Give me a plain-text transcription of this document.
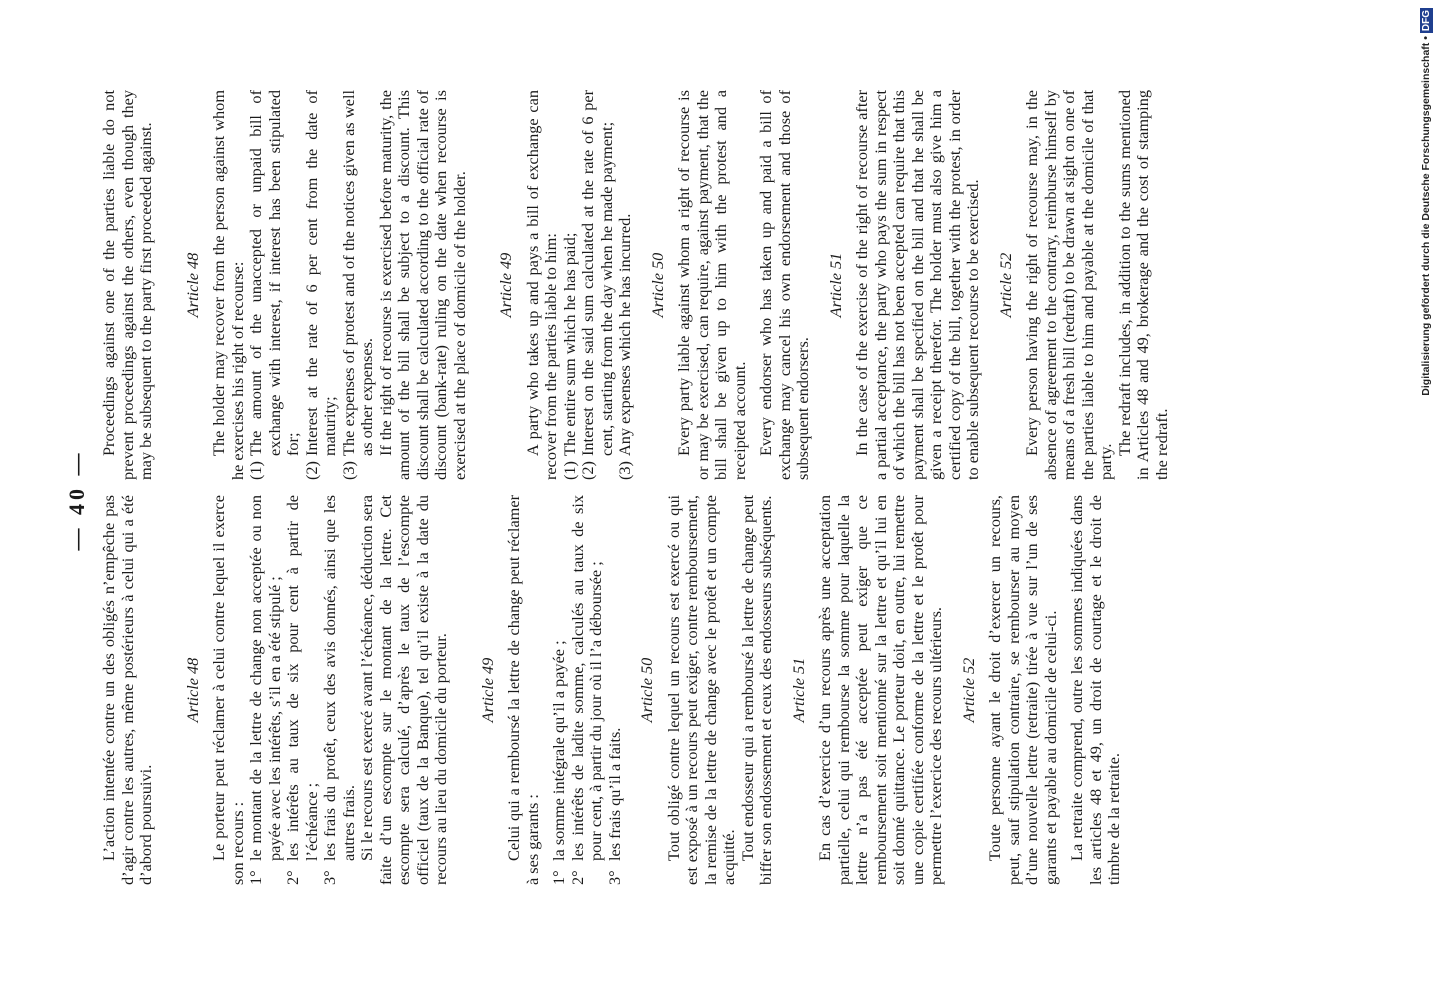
— 40 — L’action intentée contre un des obligés n’empêche pas d’agir contre les autres, même postérieurs à celui qui a été d’abord poursuivi.

Article 48 Le porteur peut réclamer à celui contre lequel il exerce son recours : 1°
le montant de la lettre de change non acceptée ou non payée avec les intérêts, s’il en a été stipulé ;
2°
les intérêts au taux de six pour cent à partir de l’échéance ;
3°
les frais du protêt, ceux des avis donnés, ainsi que les autres frais. Si le recours est exercé avant l’échéance, déduction sera faite d’un escompte sur le montant de la lettre. Cet escompte sera calculé, d’après le taux de l’escompte officiel (taux de la Banque), tel qu’il existe à la date du recours au lieu du domicile du porteur. Article 49 Celui qui a remboursé la lettre de change peut réclamer à ses garants : 1°
la somme intégrale qu’il a payée ;
2°
les intérêts de ladite somme, calculés au taux de six pour cent, à partir du jour où il l’a déboursée ;
3°
les frais qu’il a faits.

Article 50 Tout obligé contre lequel un recours est exercé ou qui est exposé à un recours peut exiger, contre remboursement, la remise de la lettre de change avec le protêt et un compte acquitté. Tout endosseur qui a remboursé la lettre de change peut biffer son endossement et ceux des endosseurs subséquents. Article 51 En cas d’exercice d’un recours après une acceptation partielle, celui qui rembourse la somme pour laquelle la lettre n’a pas été acceptée peut exiger que ce remboursement soit mentionné sur la lettre et qu’il lui en soit donné quittance. Le porteur doit, en outre, lui remettre une copie certifiée conforme de la lettre et le protêt pour permettre l’exercice des recours ultérieurs. Article 52 Toute personne ayant le droit d’exercer un recours, peut, sauf stipulation contraire, se rembourser au moyen d’une nouvelle lettre (retraite) tirée à vue sur l’un de ses garants et payable au domicile de celui-ci. La retraite comprend, outre les sommes indiquées dans les articles 48 et 49, un droit de courtage et le droit de timbre de la retraite.

Proceedings against one of the parties liable do not prevent proceedings against the others, even though they may be subsequent to the party first proceeded against. Article 48 The holder may recover from the person against whom he exercises his right of recourse: (1)
The amount of the unaccepted or unpaid bill of exchange with interest, if interest has been stipulated for;
(2)
Interest at the rate of 6 per cent from the date of maturity;
(3)
The expenses of protest and of the notices given as well as other expenses. If the right of recourse is exercised before maturity, the amount of the bill shall be subject to a discount. This discount shall be calculated according to the official rate of discount (bank-rate) ruling on the date when recourse is exercised at the place of domicile of the holder. Article 49 A party who takes up and pays a bill of exchange can recover from the parties liable to him: (1)
The entire sum which he has paid;
(2)
Interest on the said sum calculated at the rate of 6 per cent, starting from the day when he made payment;
(3)
Any expenses which he has incurred. Article 50 Every party liable against whom a right of recourse is or may be exercised, can require, against payment, that the bill shall be given up to him with the protest and a receipted account. Every endorser who has taken up and paid a bill of exchange may cancel his own endorsement and those of subsequent endorsers.

Article 51 In the case of the exercise of the right of recourse after a partial acceptance, the party who pays the sum in respect of which the bill has not been accepted can require that this payment shall be specified on the bill and that he shall be given a receipt therefor. The holder must also give him a certified copy of the bill, together with the protest, in order to enable subsequent recourse to be exercised. Article 52 Every person having the right of recourse may, in the absence of agreement to the contrary, reimburse himself by means of a fresh bill (redraft) to be drawn at sight on one of the parties liable to him and payable at the domicile of that party.

The redraft includes, in addition to the sums mentioned in Articles 48 and 49, brokerage and the cost of stamping the redraft.

Digitalisierung gefördert durch die Deutsche Forschungsgemeinschaft •
DFG
